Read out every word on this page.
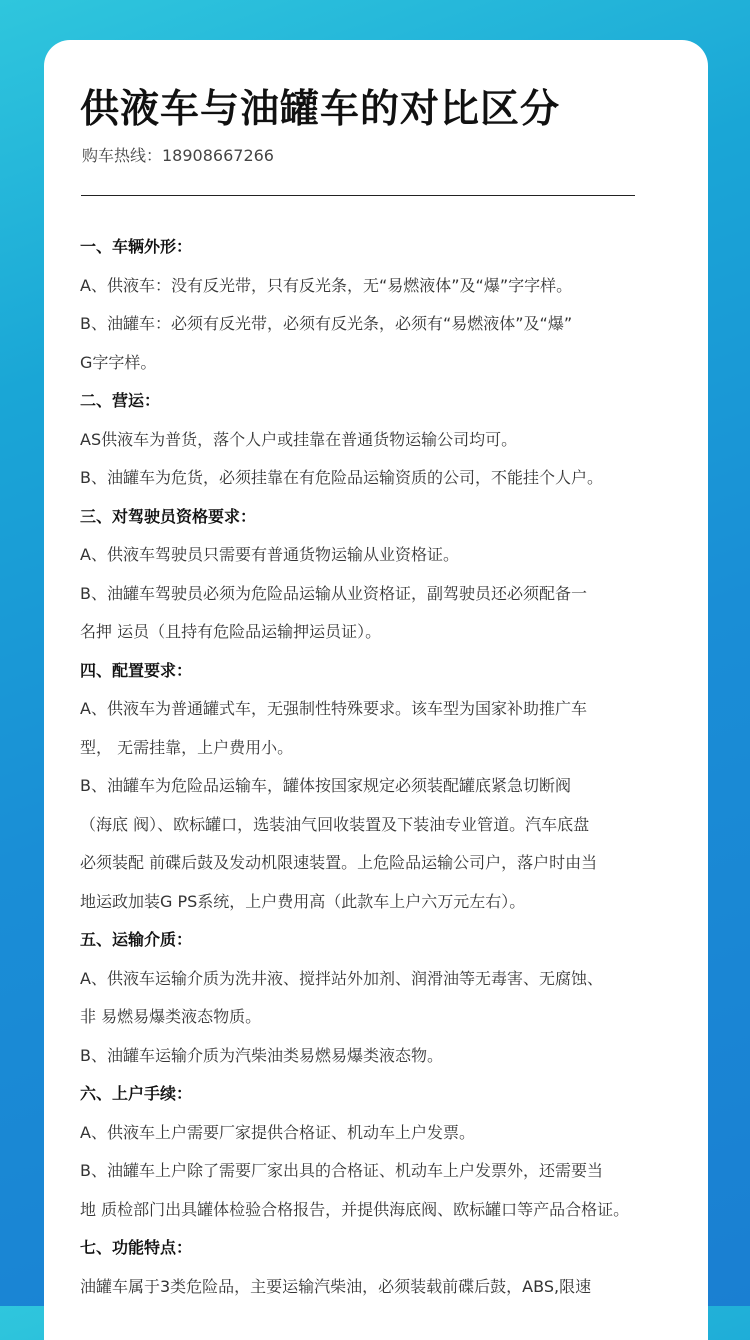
供液车与油罐车的对比区分
购车热线：18908667266

一、车辆外形：

A、供液车：没有反光带，只有反光条，无“易燃液体”及“爆”字字样。

B、油罐车：必须有反光带，必须有反光条，必须有“易燃液体”及“爆”

G字字样。

二、营运：

AS供液车为普货，落个人户或挂靠在普通货物运输公司均可。

B、油罐车为危货，必须挂靠在有危险品运输资质的公司，不能挂个人户。

三、对驾驶员资格要求：

A、供液车驾驶员只需要有普通货物运输从业资格证。

B、油罐车驾驶员必须为危险品运输从业资格证，副驾驶员还必须配备一

名押 运员（且持有危险品运输押运员证）。

四、配置要求：

A、供液车为普通罐式车，无强制性特殊要求。该车型为国家补助推广车

型， 无需挂靠，上户费用小。

B、油罐车为危险品运输车，罐体按国家规定必须装配罐底紧急切断阀

（海底 阀）、欧标罐口，选装油气回收装置及下装油专业管道。汽车底盘

必须装配 前碟后鼓及发动机限速装置。上危险品运输公司户，落户时由当

地运政加装G PS系统，上户费用高（此款车上户六万元左右）。

五、运输介质：

A、供液车运输介质为洗井液、搅拌站外加剂、润滑油等无毒害、无腐蚀、

非 易燃易爆类液态物质。

B、油罐车运输介质为汽柴油类易燃易爆类液态物。

六、上户手续：

A、供液车上户需要厂家提供合格证、机动车上户发票。

B、油罐车上户除了需要厂家出具的合格证、机动车上户发票外，还需要当

地 质检部门出具罐体检验合格报告，并提供海底阀、欧标罐口等产品合格证。

七、功能特点：

油罐车属于3类危险品，主要运输汽柴油，必须装载前碟后鼓，ABS,限速
